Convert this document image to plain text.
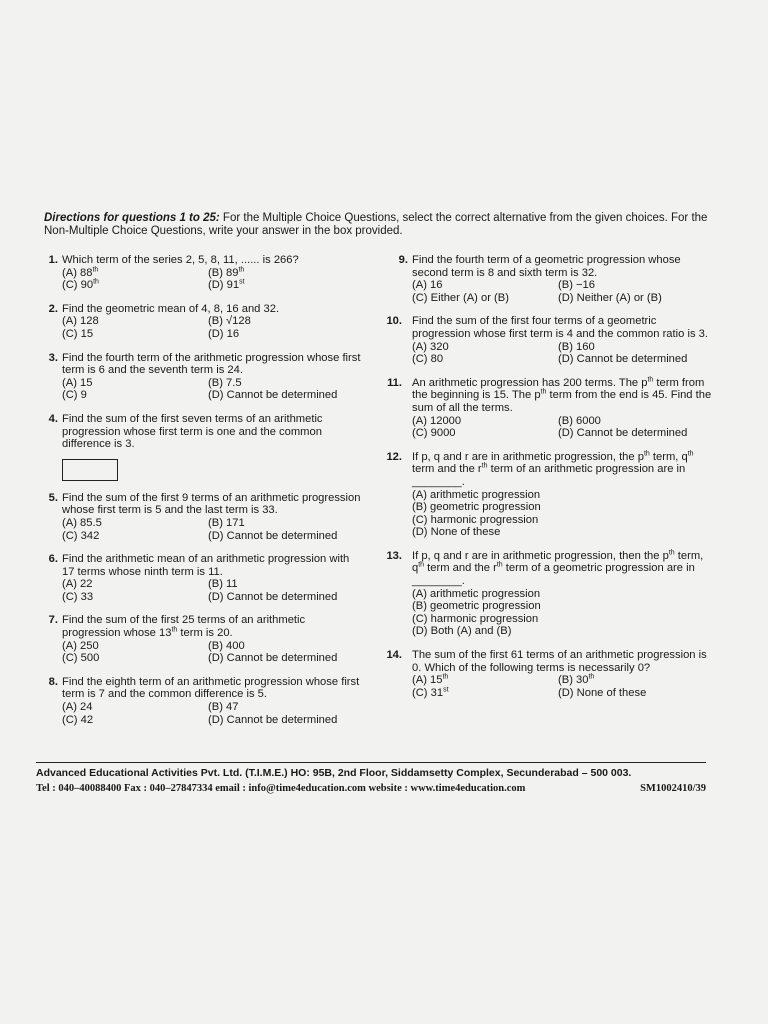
Directions for questions 1 to 25: For the Multiple Choice Questions, select the correct alternative from the given choices. For the Non-Multiple Choice Questions, write your answer in the box provided.
1. Which term of the series 2, 5, 8, 11, ...... is 266?
(A) 88th	(B) 89th
(C) 90th	(D) 91st
2. Find the geometric mean of 4, 8, 16 and 32.
(A) 128	(B) √128
(C) 15	(D) 16
3. Find the fourth term of the arithmetic progression whose first term is 6 and the seventh term is 24.
(A) 15	(B) 7.5
(C) 9	(D) Cannot be determined
4. Find the sum of the first seven terms of an arithmetic progression whose first term is one and the common difference is 3.
5. Find the sum of the first 9 terms of an arithmetic progression whose first term is 5 and the last term is 33.
(A) 85.5	(B) 171
(C) 342	(D) Cannot be determined
6. Find the arithmetic mean of an arithmetic progression with 17 terms whose ninth term is 11.
(A) 22	(B) 11
(C) 33	(D) Cannot be determined
7. Find the sum of the first 25 terms of an arithmetic progression whose 13th term is 20.
(A) 250	(B) 400
(C) 500	(D) Cannot be determined
8. Find the eighth term of an arithmetic progression whose first term is 7 and the common difference is 5.
(A) 24	(B) 47
(C) 42	(D) Cannot be determined
9. Find the fourth term of a geometric progression whose second term is 8 and sixth term is 32.
(A) 16	(B) −16
(C) Either (A) or (B)	(D) Neither (A) or (B)
10. Find the sum of the first four terms of a geometric progression whose first term is 4 and the common ratio is 3.
(A) 320	(B) 160
(C) 80	(D) Cannot be determined
11. An arithmetic progression has 200 terms. The $p^{th}$ term from the beginning is 15. The $p^{th}$ term from the end is 45. Find the sum of all the terms.
(A) 12000	(B) 6000
(C) 9000	(D) Cannot be determined
12. If p, q and r are in arithmetic progression, the $p^{th}$ term, $q^{th}$ term and the $r^{th}$ term of an arithmetic progression are in ________.
(A) arithmetic progression
(B) geometric progression
(C) harmonic progression
(D) None of these
13. If p, q and r are in arithmetic progression, then the $p^{th}$ term, $q^{th}$ term and the $r^{th}$ term of a geometric progression are in ________.
(A) arithmetic progression
(B) geometric progression
(C) harmonic progression
(D) Both (A) and (B)
14. The sum of the first 61 terms of an arithmetic progression is 0. Which of the following terms is necessarily 0?
(A) 15th	(B) 30th
(C) 31st	(D) None of these
Advanced Educational Activities Pvt. Ltd. (T.I.M.E.) HO: 95B, 2nd Floor, Siddamsetty Complex, Secunderabad – 500 003.
Tel : 040–40088400 Fax : 040–27847334 email : info@time4education.com website : www.time4education.com	SM1002410/39
